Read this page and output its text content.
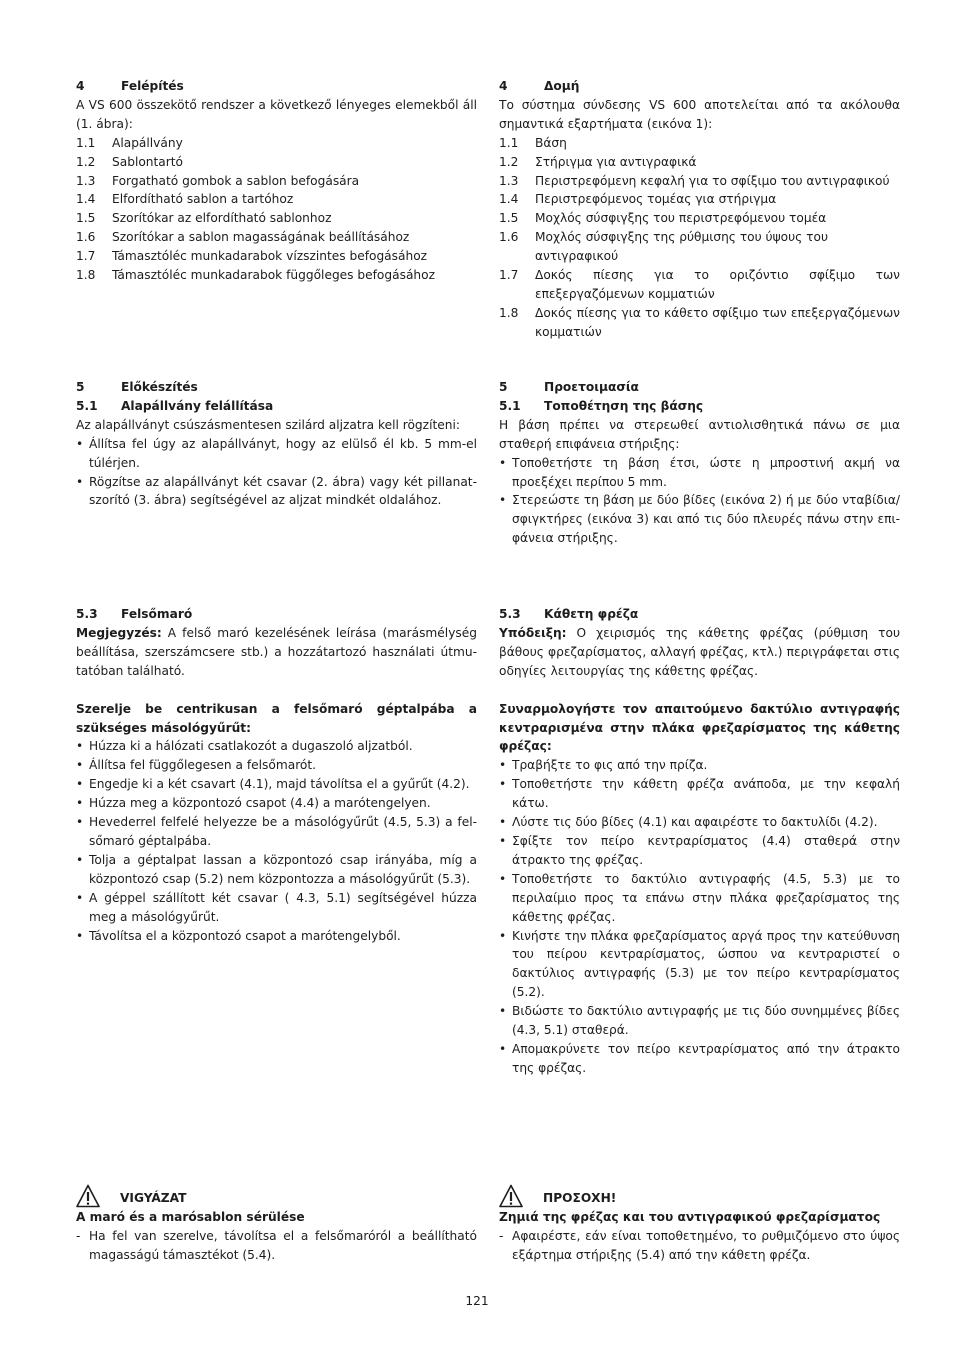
4	Felépítés

A VS 600 összekötő rendszer a következő lényeges elemekből áll (1. ábra):

1.1	Alapállvány
1.2	Sablontartó
1.3	Forgatható gombok a sablon befogására
1.4	Elfordítható sablon a tartóhoz
1.5	Szorítókar az elfordítható sablonhoz
1.6	Szorítókar a sablon magasságának beállításához
1.7	Támasztóléc munkadarabok vízszintes befogásához
1.8	Támasztóléc munkadarabok függőleges befogásához
5	Előkészítés
5.1	Alapállvány felállítása

Az alapállványt csúszásmentesen szilárd aljzatra kell rögzíteni:

• Állítsa fel úgy az alapállványt, hogy az elülső él kb. 5 mm-el túlérjen.
• Rögzítse az alapállványt két csavar (2. ábra) vagy két pillanatszorító (3. ábra) segítségével az aljzat mindkét oldalához.
5.3	Felsőmaró

Megjegyzés: A felső maró kezelésének leírása (marásmélység beállítása, szerszámcsere stb.) a hozzátartozó használati útmutatóban található.

Szerelje be centrikusan a felsőmaró géptalpába a szükséges másológyűrűt:

• Húzza ki a hálózati csatlakozót a dugaszoló aljzatból.
• Állítsa fel függőlegesen a felsőmarót.
• Engedje ki a két csavart (4.1), majd távolítsa el a gyűrűt (4.2).
• Húzza meg a központozó csapot (4.4) a marótengelyen.
• Hevederrel felfelé helyezze be a másológyűrűt (4.5, 5.3) a felsőmaró géptalpába.
• Tolja a géptalpat lassan a központozó csap irányába, míg a központozó csap (5.2) nem központozza a másológyűrűt (5.3).
• A géppel szállított két csavar ( 4.3, 5.1) segítségével húzza meg a másológyűrűt.
• Távolítsa el a központozó csapot a marótengelyből.
VIGYÁZAT

A maró és a marósablon sérülése

- Ha fel van szerelve, távolítsa el a felsőmaróról a beállítható magasságú támasztékot (5.4).
4	Δομή

Το σύστημα σύνδεσης VS 600 αποτελείται από τα ακόλουθα σημαντικά εξαρτήματα (εικόνα 1):

1.1	Βάση
1.2	Στήριγμα για αντιγραφικά
1.3	Περιστρεφόμενη κεφαλή για το σφίξιμο του αντιγραφικού
1.4	Περιστρεφόμενος τομέας για στήριγμα
1.5	Μοχλός σύσφιγξης του περιστρεφόμενου τομέα
1.6	Μοχλός σύσφιγξης της ρύθμισης του ύψους του αντιγραφικού
1.7	Δοκός πίεσης για το οριζόντιο σφίξιμο των επεξεργαζόμενων κομματιών
1.8	Δοκός πίεσης για το κάθετο σφίξιμο των επεξεργαζόμενων κομματιών
5	Προετοιμασία
5.1	Τοποθέτηση της βάσης

Η βάση πρέπει να στερεωθεί αντιολισθητικά πάνω σε μια σταθερή επιφάνεια στήριξης:

• Τοποθετήστε τη βάση έτσι, ώστε η μπροστινή ακμή να προεξέχει περίπου 5 mm.
• Στερεώστε τη βάση με δύο βίδες (εικόνα 2) ή με δύο νταβίδια/ σφιγκτήρες (εικόνα 3) και από τις δύο πλευρές πάνω στην επιφάνεια στήριξης.
5.3	Κάθετη φρέζα

Υπόδειξη: Ο χειρισμός της κάθετης φρέζας (ρύθμιση του βάθους φρεζαρίσματος, αλλαγή φρέζας, κτλ.) περιγράφεται στις οδηγίες λειτουργίας της κάθετης φρέζας.

Συναρμολογήστε τον απαιτούμενο δακτύλιο αντιγραφής κεντραρισμένα στην πλάκα φρεζαρίσματος της κάθετης φρέζας:

• Τραβήξτε το φις από την πρίζα.
• Τοποθετήστε την κάθετη φρέζα ανάποδα, με την κεφαλή κάτω.
• Λύστε τις δύο βίδες (4.1) και αφαιρέστε το δακτυλίδι (4.2).
• Σφίξτε τον πείρο κεντραρίσματος (4.4) σταθερά στην άτρακτο της φρέζας.
• Τοποθετήστε το δακτύλιο αντιγραφής (4.5, 5.3) με το περιλαίμιο προς τα επάνω στην πλάκα φρεζαρίσματος της κάθετης φρέζας.
• Κινήστε την πλάκα φρεζαρίσματος αργά προς την κατεύθυνση του πείρου κεντραρίσματος, ώσπου να κεντραριστεί ο δακτύλιος αντιγραφής (5.3) με τον πείρο κεντραρίσματος (5.2).
• Βιδώστε το δακτύλιο αντιγραφής με τις δύο συνημμένες βίδες (4.3, 5.1) σταθερά.
• Απομακρύνετε τον πείρο κεντραρίσματος από την άτρακτο της φρέζας.
ΠΡΟΣΟΧΗ!

Ζημιά της φρέζας και του αντιγραφικού φρεζαρίσματος

- Αφαιρέστε, εάν είναι τοποθετημένο, το ρυθμιζόμενο στο ύψος εξάρτημα στήριξης (5.4) από την κάθετη φρέζα.
121
